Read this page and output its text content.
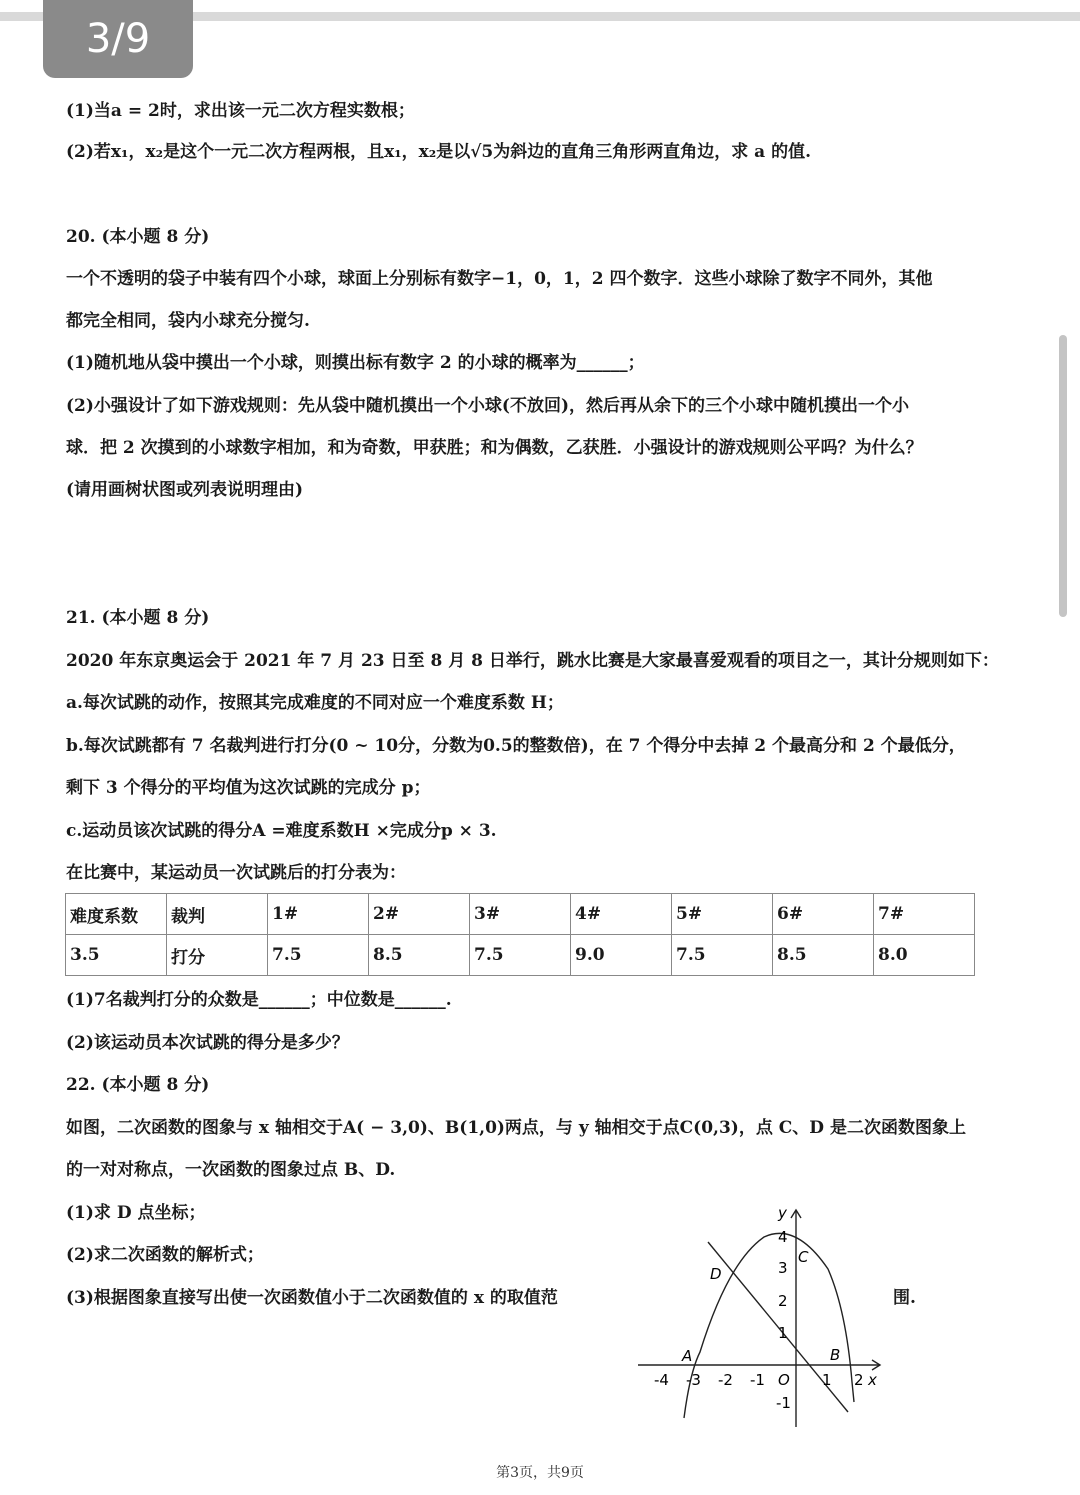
3/9
(1)当a = 2时，求出该一元二次方程实数根；
(2)若x₁，x₂是这个一元二次方程两根，且x₁，x₂是以√5为斜边的直角三角形两直角边，求 a 的值.
20. (本小题 8 分)
一个不透明的袋子中装有四个小球，球面上分别标有数字−1，0，1，2 四个数字．这些小球除了数字不同外，其他
都完全相同，袋内小球充分搅匀.
(1)随机地从袋中摸出一个小球，则摸出标有数字 2 的小球的概率为______；
(2)小强设计了如下游戏规则：先从袋中随机摸出一个小球(不放回)，然后再从余下的三个小球中随机摸出一个小
球．把 2 次摸到的小球数字相加，和为奇数，甲获胜；和为偶数，乙获胜．小强设计的游戏规则公平吗？为什么？
(请用画树状图或列表说明理由)
21. (本小题 8 分)
2020 年东京奥运会于 2021 年 7 月 23 日至 8 月 8 日举行，跳水比赛是大家最喜爱观看的项目之一，其计分规则如下：
a.每次试跳的动作，按照其完成难度的不同对应一个难度系数 H；
b.每次试跳都有 7 名裁判进行打分(0 ~ 10分，分数为0.5的整数倍)，在 7 个得分中去掉 2 个最高分和 2 个最低分，
剩下 3 个得分的平均值为这次试跳的完成分 p；
c.运动员该次试跳的得分A =难度系数H ×完成分p × 3.
在比赛中，某运动员一次试跳后的打分表为：
难度系数	裁判	1#	2#	3#	4#	5#	6#	7#
3.5	打分	7.5	8.5	7.5	9.0	7.5	8.5	8.0
(1)7名裁判打分的众数是______；中位数是______.
(2)该运动员本次试跳的得分是多少？
22. (本小题 8 分)
如图，二次函数的图象与 x 轴相交于A( − 3,0)、B(1,0)两点，与 y 轴相交于点C(0,3)，点 C、D 是二次函数图象上
的一对对称点，一次函数的图象过点 B、D.
(1)求 D 点坐标；
(2)求二次函数的解析式；
(3)根据图象直接写出使一次函数值小于二次函数值的 x 的取值范	围.
-4 -3 -2 -1 O 1 2 x
4
3
2
1
-1
y
A	B
C
D
第3页，共9页
